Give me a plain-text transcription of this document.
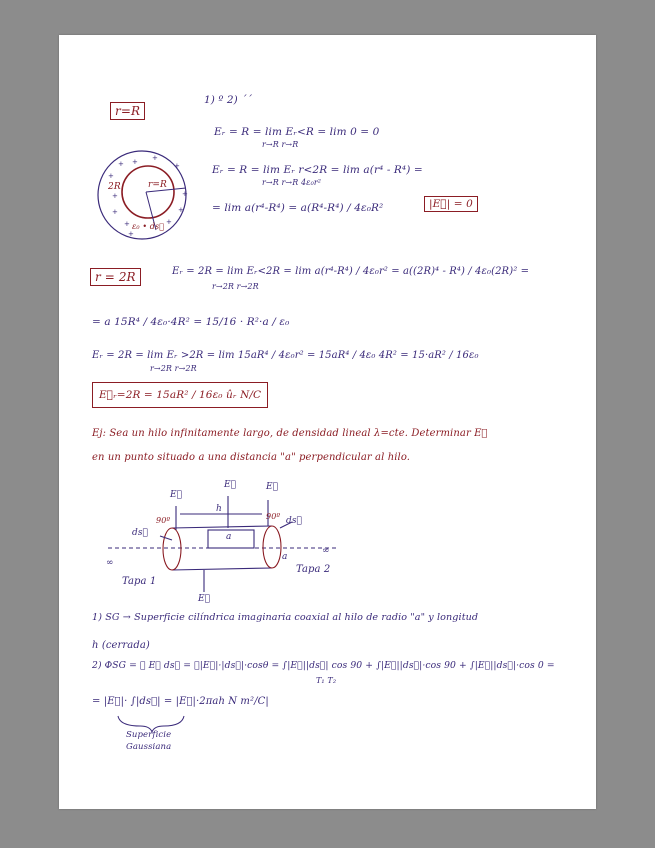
+
+
+
+
+
+
+
+ +
+
+
+
r=R
1) º 2) ´´
Eᵣ = R = lim Eᵣ<R = lim 0 = 0
r→R r→R
Eᵣ = R = lim Eᵣ r<2R = lim a(r⁴ - R⁴) =
r→R r→R 4ε₀r²
= lim a(r⁴-R⁴) = a(R⁴-R⁴) / 4ε₀R²	|E⃗| = 0
2R	r=R
ε₀ • ds⃗
r = 2R	Eᵣ = 2R = lim Eᵣ<2R = lim a(r⁴-R⁴) / 4ε₀r² = a((2R)⁴ - R⁴) / 4ε₀(2R)² =
r→2R r→2R
= a 15R⁴ / 4ε₀·4R² = 15/16 · R²·a / ε₀
Eᵣ = 2R = lim Eᵣ >2R = lim 15aR⁴ / 4ε₀r² = 15aR⁴ / 4ε₀ 4R² = 15·aR² / 16ε₀
r→2R r→2R
E⃗ᵣ=2R = 15aR² / 16ε₀ ûᵣ N/C
Ej: Sea un hilo infinitamente largo, de densidad lineal λ=cte. Determinar E⃗
en un punto situado a una distancia "a" perpendicular al hilo.
E⃗
E⃗	E⃗
ds⃗
ds⃗
90º	90º
h
a
a
∞
∞
Tapa 1
Tapa 2
E⃗
1) SG → Superficie cilíndrica imaginaria coaxial al hilo de radio "a" y longitud
h (cerrada)
2) ΦSG = ∮ E⃗ ds⃗ = ∮|E⃗|·|ds⃗|·cosθ = ∫|E⃗||ds⃗| cos 90 + ∫|E⃗||ds⃗|·cos 90 + ∫|E⃗||ds⃗|·cos 0 =
T₁ T₂
= |E⃗|· ∫|ds⃗| = |E⃗|·2πah N m²/C|
Superficie
Gaussiana
